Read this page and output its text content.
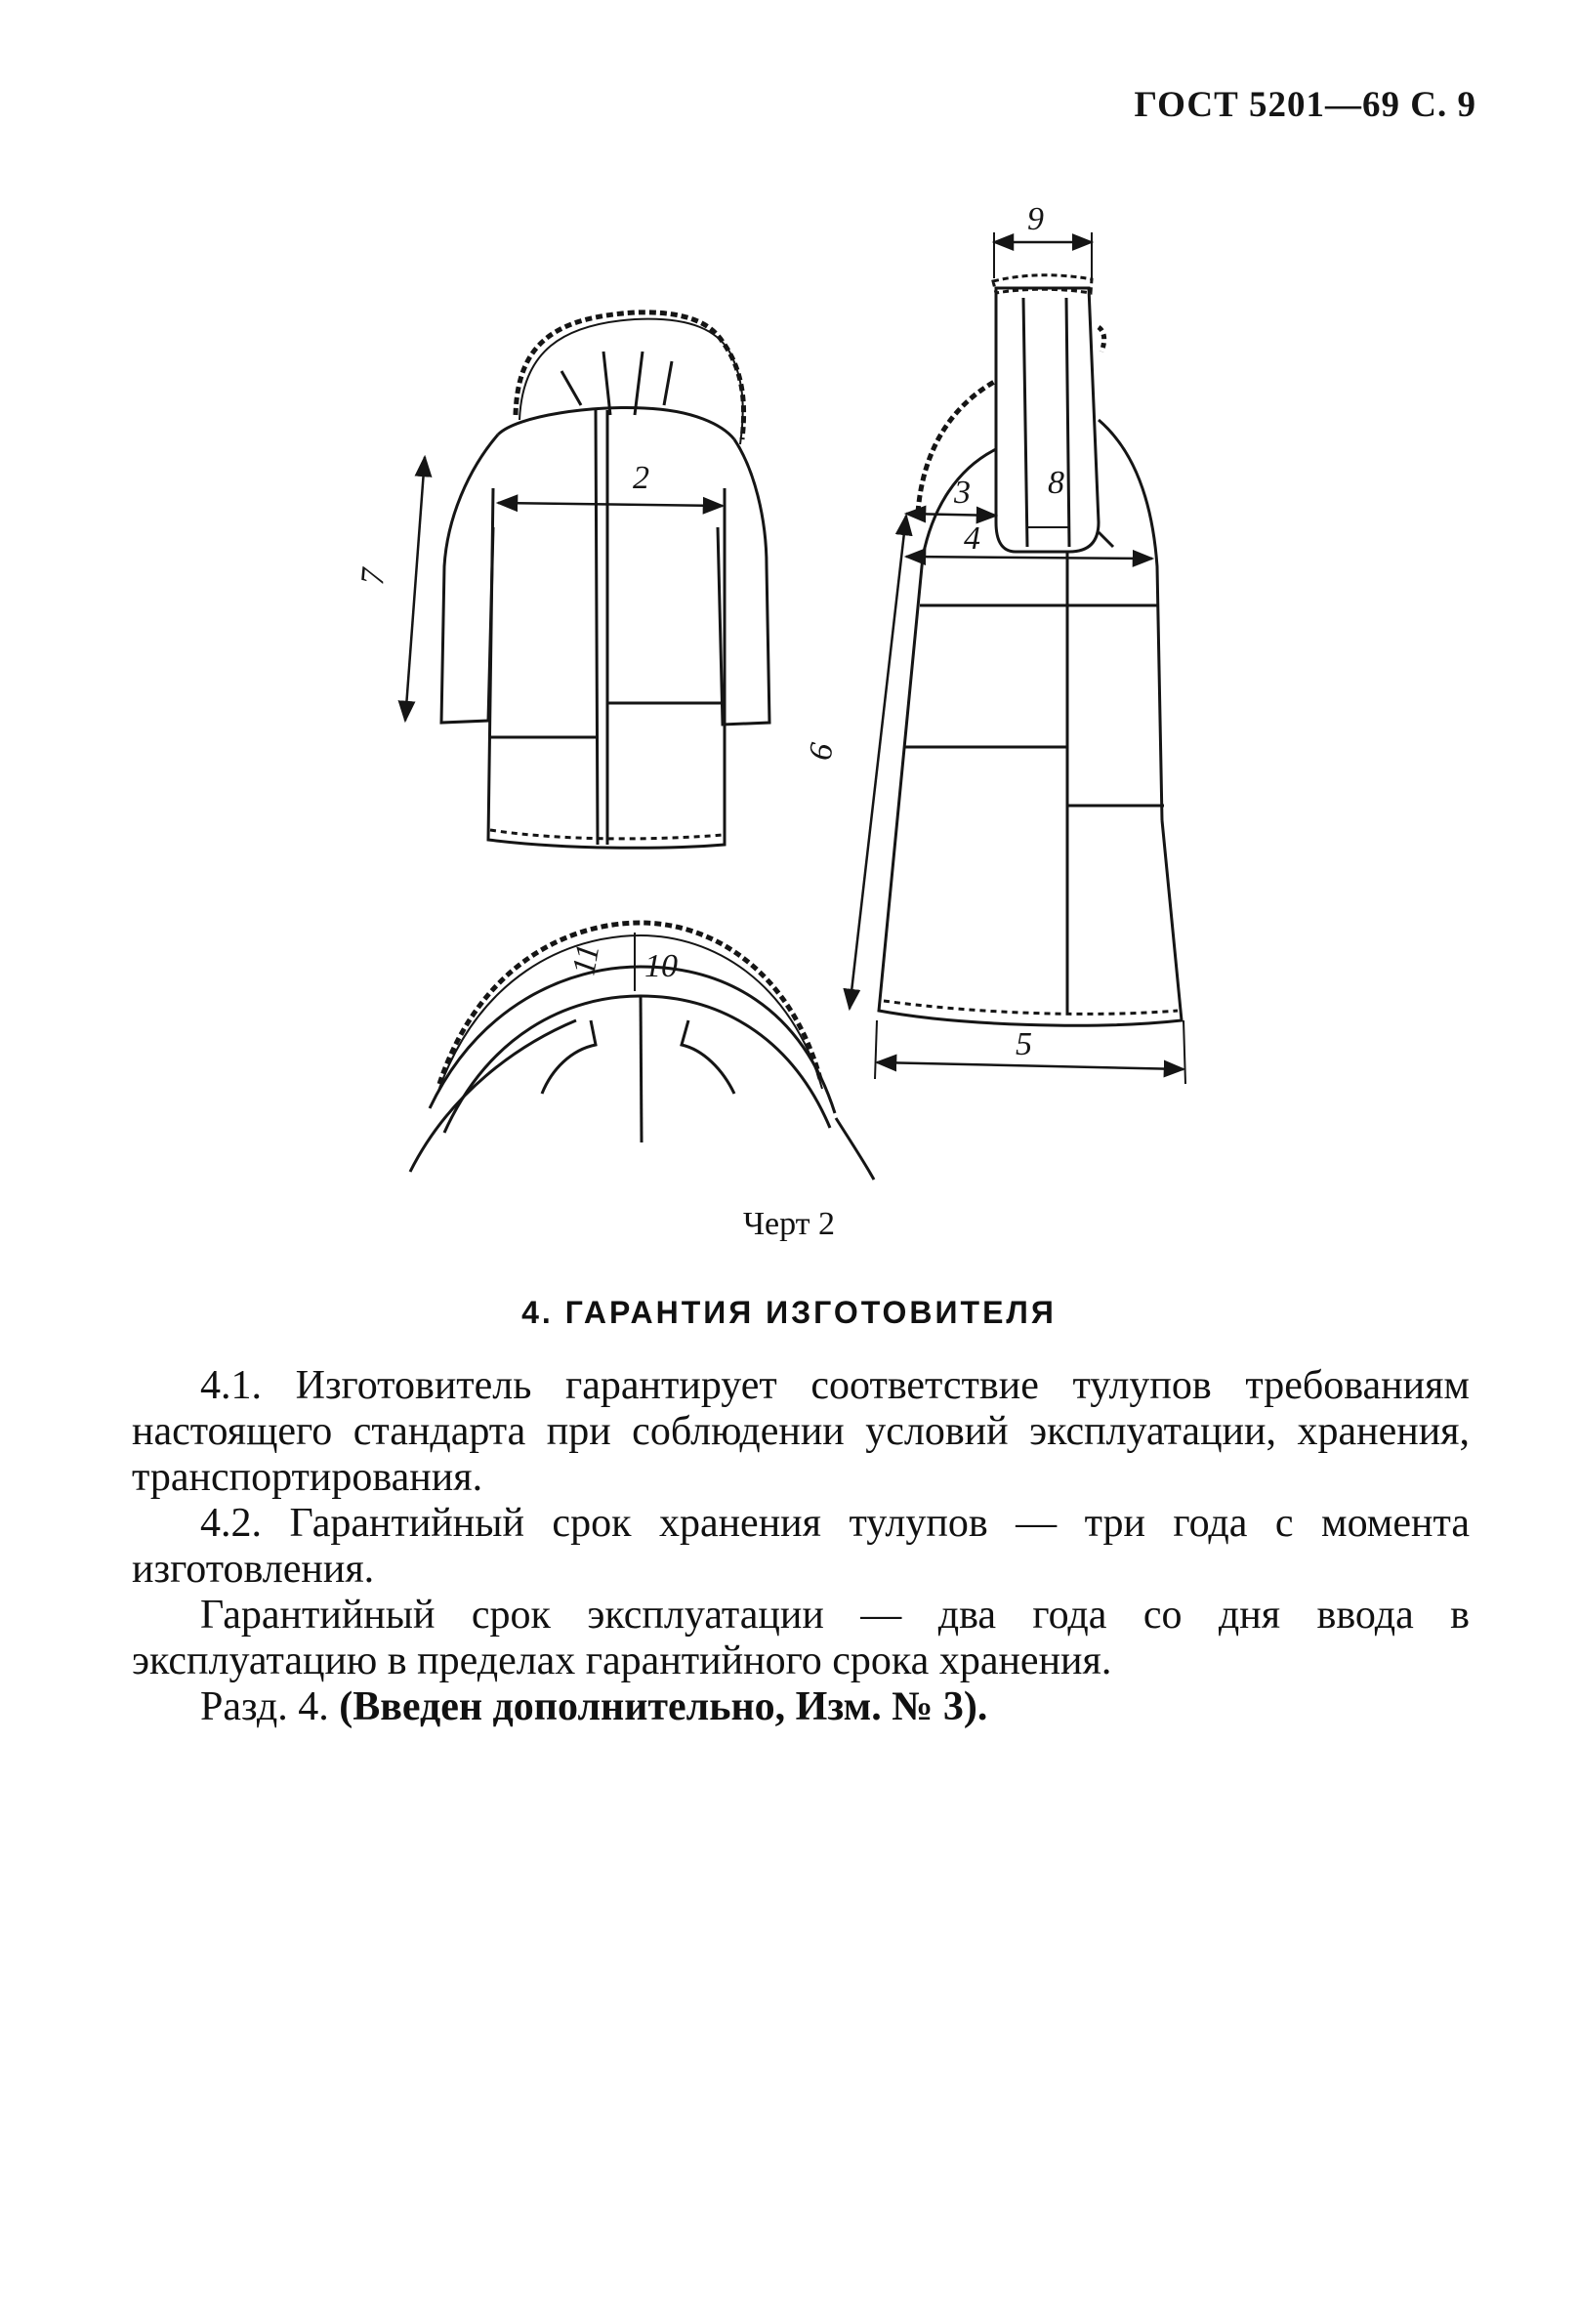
ГОСТ 5201—69 С. 9
2
7
9
3 8
4
6
5
11 10
Черт 2
4. ГАРАНТИЯ ИЗГОТОВИТЕЛЯ

4.1. Изготовитель гарантирует соответствие тулупов требованиям настоящего стандарта при соблюдении условий эксплуатации, хранения, транспортирования.

4.2. Гарантийный срок хранения тулупов — три года с момента изготовления.

Гарантийный срок эксплуатации — два года со дня ввода в эксплуатацию в пределах гарантийного срока хранения.

Разд. 4. (Введен дополнительно, Изм. № 3).
